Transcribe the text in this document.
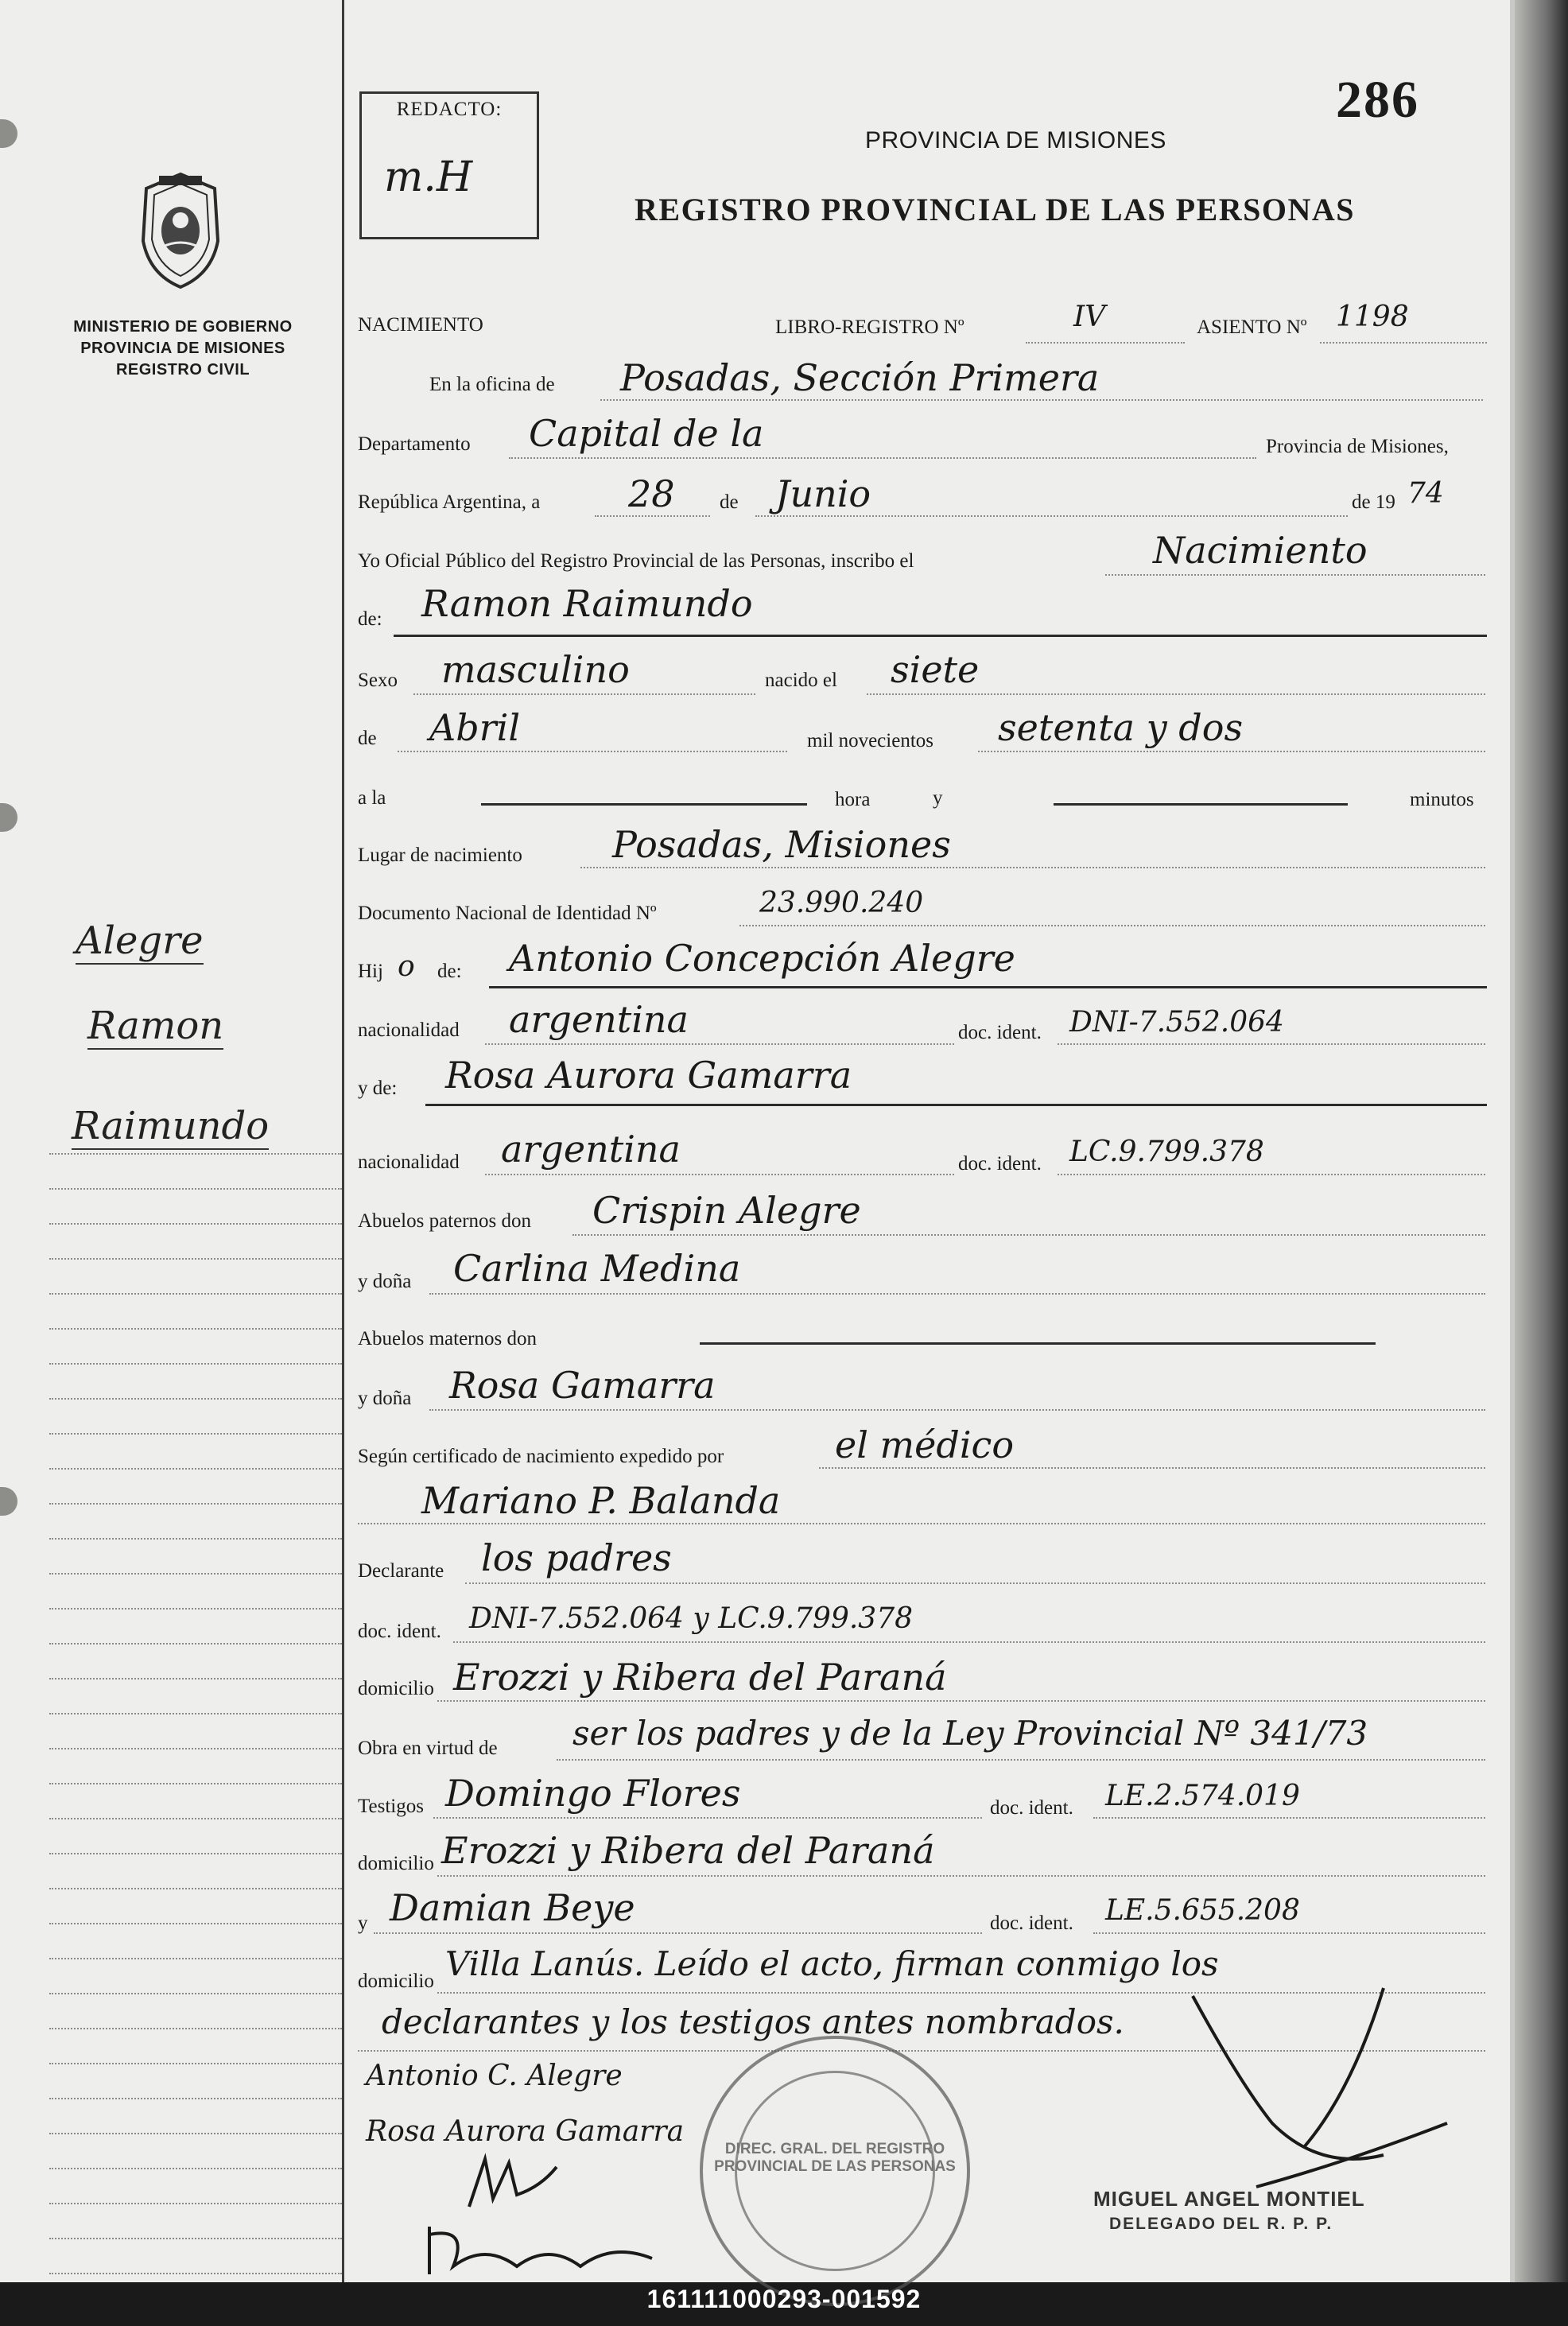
MINISTERIO DE GOBIERNO
PROVINCIA DE MISIONES
REGISTRO CIVIL
Alegre
Ramon
Raimundo
REDACTO:
m.H
286
PROVINCIA DE MISIONES
REGISTRO PROVINCIAL DE LAS PERSONAS
NACIMIENTO	LIBRO-REGISTRO Nº	IV	ASIENTO Nº 1198
En la oficina de Posadas, Sección Primera
Departamento Capital de la	Provincia de Misiones,
República Argentina, a 28 de Junio	de 19 74
Yo Oficial Público del Registro Provincial de las Personas, inscribo el	Nacimiento
de: Ramon Raimundo
Sexo masculino	nacido el siete
de Abril	mil novecientos setenta y dos
a la	hora	y	minutos
Lugar de nacimiento Posadas, Misiones
Documento Nacional de Identidad Nº	23.990.240
Hij o de: Antonio Concepción Alegre
nacionalidad argentina	doc. ident. DNI-7.552.064
y de: Rosa Aurora Gamarra
nacionalidad argentina	doc. ident. LC.9.799.378
Abuelos paternos don Crispin Alegre
y doña Carlina Medina
Abuelos maternos don
y doña Rosa Gamarra
Según certificado de nacimiento expedido por	el médico
Mariano P. Balanda
Declarante los padres
doc. ident. DNI-7.552.064 y LC.9.799.378
domicilio Erozzi y Ribera del Paraná
Obra en virtud de ser los padres y de la Ley Provincial Nº 341/73
Testigos Domingo Flores	doc. ident. LE.2.574.019
domicilio Erozzi y Ribera del Paraná
y Damian Beye	doc. ident. LE.5.655.208
domicilio Villa Lanús. Leído el acto, firman conmigo los
declarantes y los testigos antes nombrados.
Antonio C. Alegre
Rosa Aurora Gamarra
DIREC. GRAL. DEL REGISTRO PROVINCIAL DE LAS PERSONAS
MIGUEL ANGEL MONTIEL
DELEGADO DEL R. P. P.
161111000293-001592
